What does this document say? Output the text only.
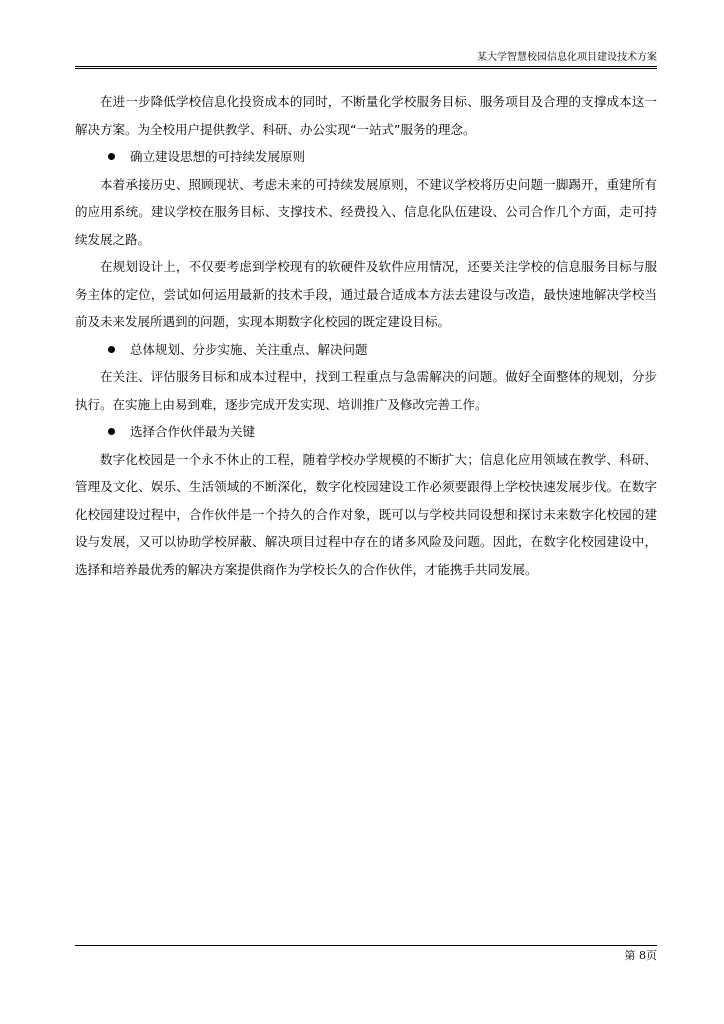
某大学智慧校园信息化项目建设技术方案

在进一步降低学校信息化投资成本的同时，不断量化学校服务目标、服务项目及合理的支撑成本这一解决方案。为全校用户提供教学、科研、办公实现“一站式”服务的理念。

确立建设思想的可持续发展原则

本着承接历史、照顾现状、考虑未来的可持续发展原则，不建议学校将历史问题一脚踢开，重建所有的应用系统。建议学校在服务目标、支撑技术、经费投入、信息化队伍建设、公司合作几个方面，走可持续发展之路。

在规划设计上，不仅要考虑到学校现有的软硬件及软件应用情况，还要关注学校的信息服务目标与服务主体的定位，尝试如何运用最新的技术手段，通过最合适成本方法去建设与改造，最快速地解决学校当前及未来发展所遇到的问题，实现本期数字化校园的既定建设目标。

总体规划、分步实施、关注重点、解决问题

在关注、评估服务目标和成本过程中，找到工程重点与急需解决的问题。做好全面整体的规划，分步执行。在实施上由易到难，逐步完成开发实现、培训推广及修改完善工作。

选择合作伙伴最为关键

数字化校园是一个永不休止的工程，随着学校办学规模的不断扩大；信息化应用领域在教学、科研、管理及文化、娱乐、生活领域的不断深化，数字化校园建设工作必须要跟得上学校快速发展步伐。在数字化校园建设过程中，合作伙伴是一个持久的合作对象，既可以与学校共同设想和探讨未来数字化校园的建设与发展，又可以协助学校屏蔽、解决项目过程中存在的诸多风险及问题。因此，在数字化校园建设中，选择和培养最优秀的解决方案提供商作为学校长久的合作伙伴，才能携手共同发展。

第 8页
